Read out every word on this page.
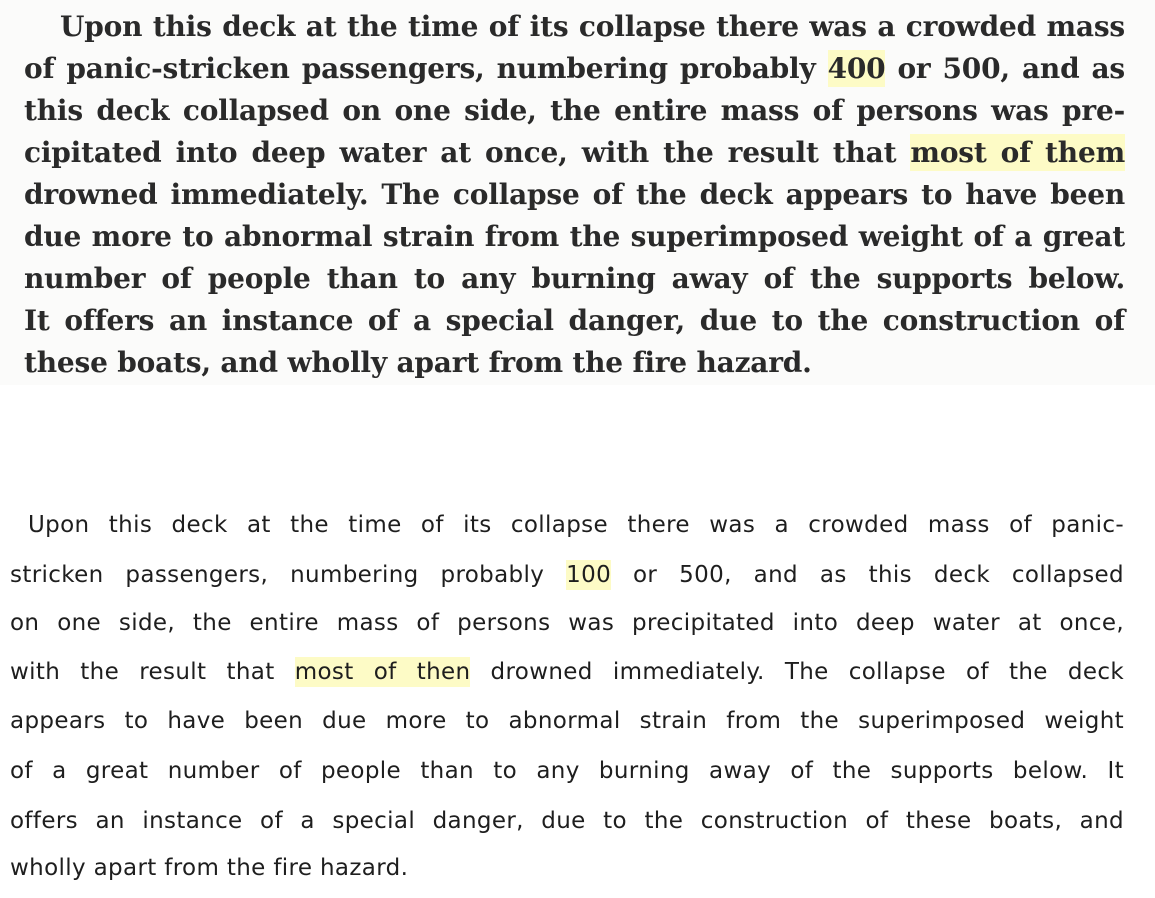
Upon this deck at the time of its collapse there was a crowded mass
of panic-stricken passengers, numbering probably 400 or 500, and as
this deck collapsed on one side, the entire mass of persons was pre-
cipitated into deep water at once, with the result that most of them
drowned immediately. The collapse of the deck appears to have been
due more to abnormal strain from the superimposed weight of a great
number of people than to any burning away of the supports below.
It offers an instance of a special danger, due to the construction of
these boats, and wholly apart from the fire hazard.
Upon this deck at the time of its collapse there was a crowded mass of panic-
stricken passengers, numbering probably 100 or 500, and as this deck collapsed
on one side, the entire mass of persons was precipitated into deep water at once,
with the result that most of then drowned immediately. The collapse of the deck
appears to have been due more to abnormal strain from the superimposed weight
of a great number of people than to any burning away of the supports below. It
offers an instance of a special danger, due to the construction of these boats, and
wholly apart from the fire hazard.
